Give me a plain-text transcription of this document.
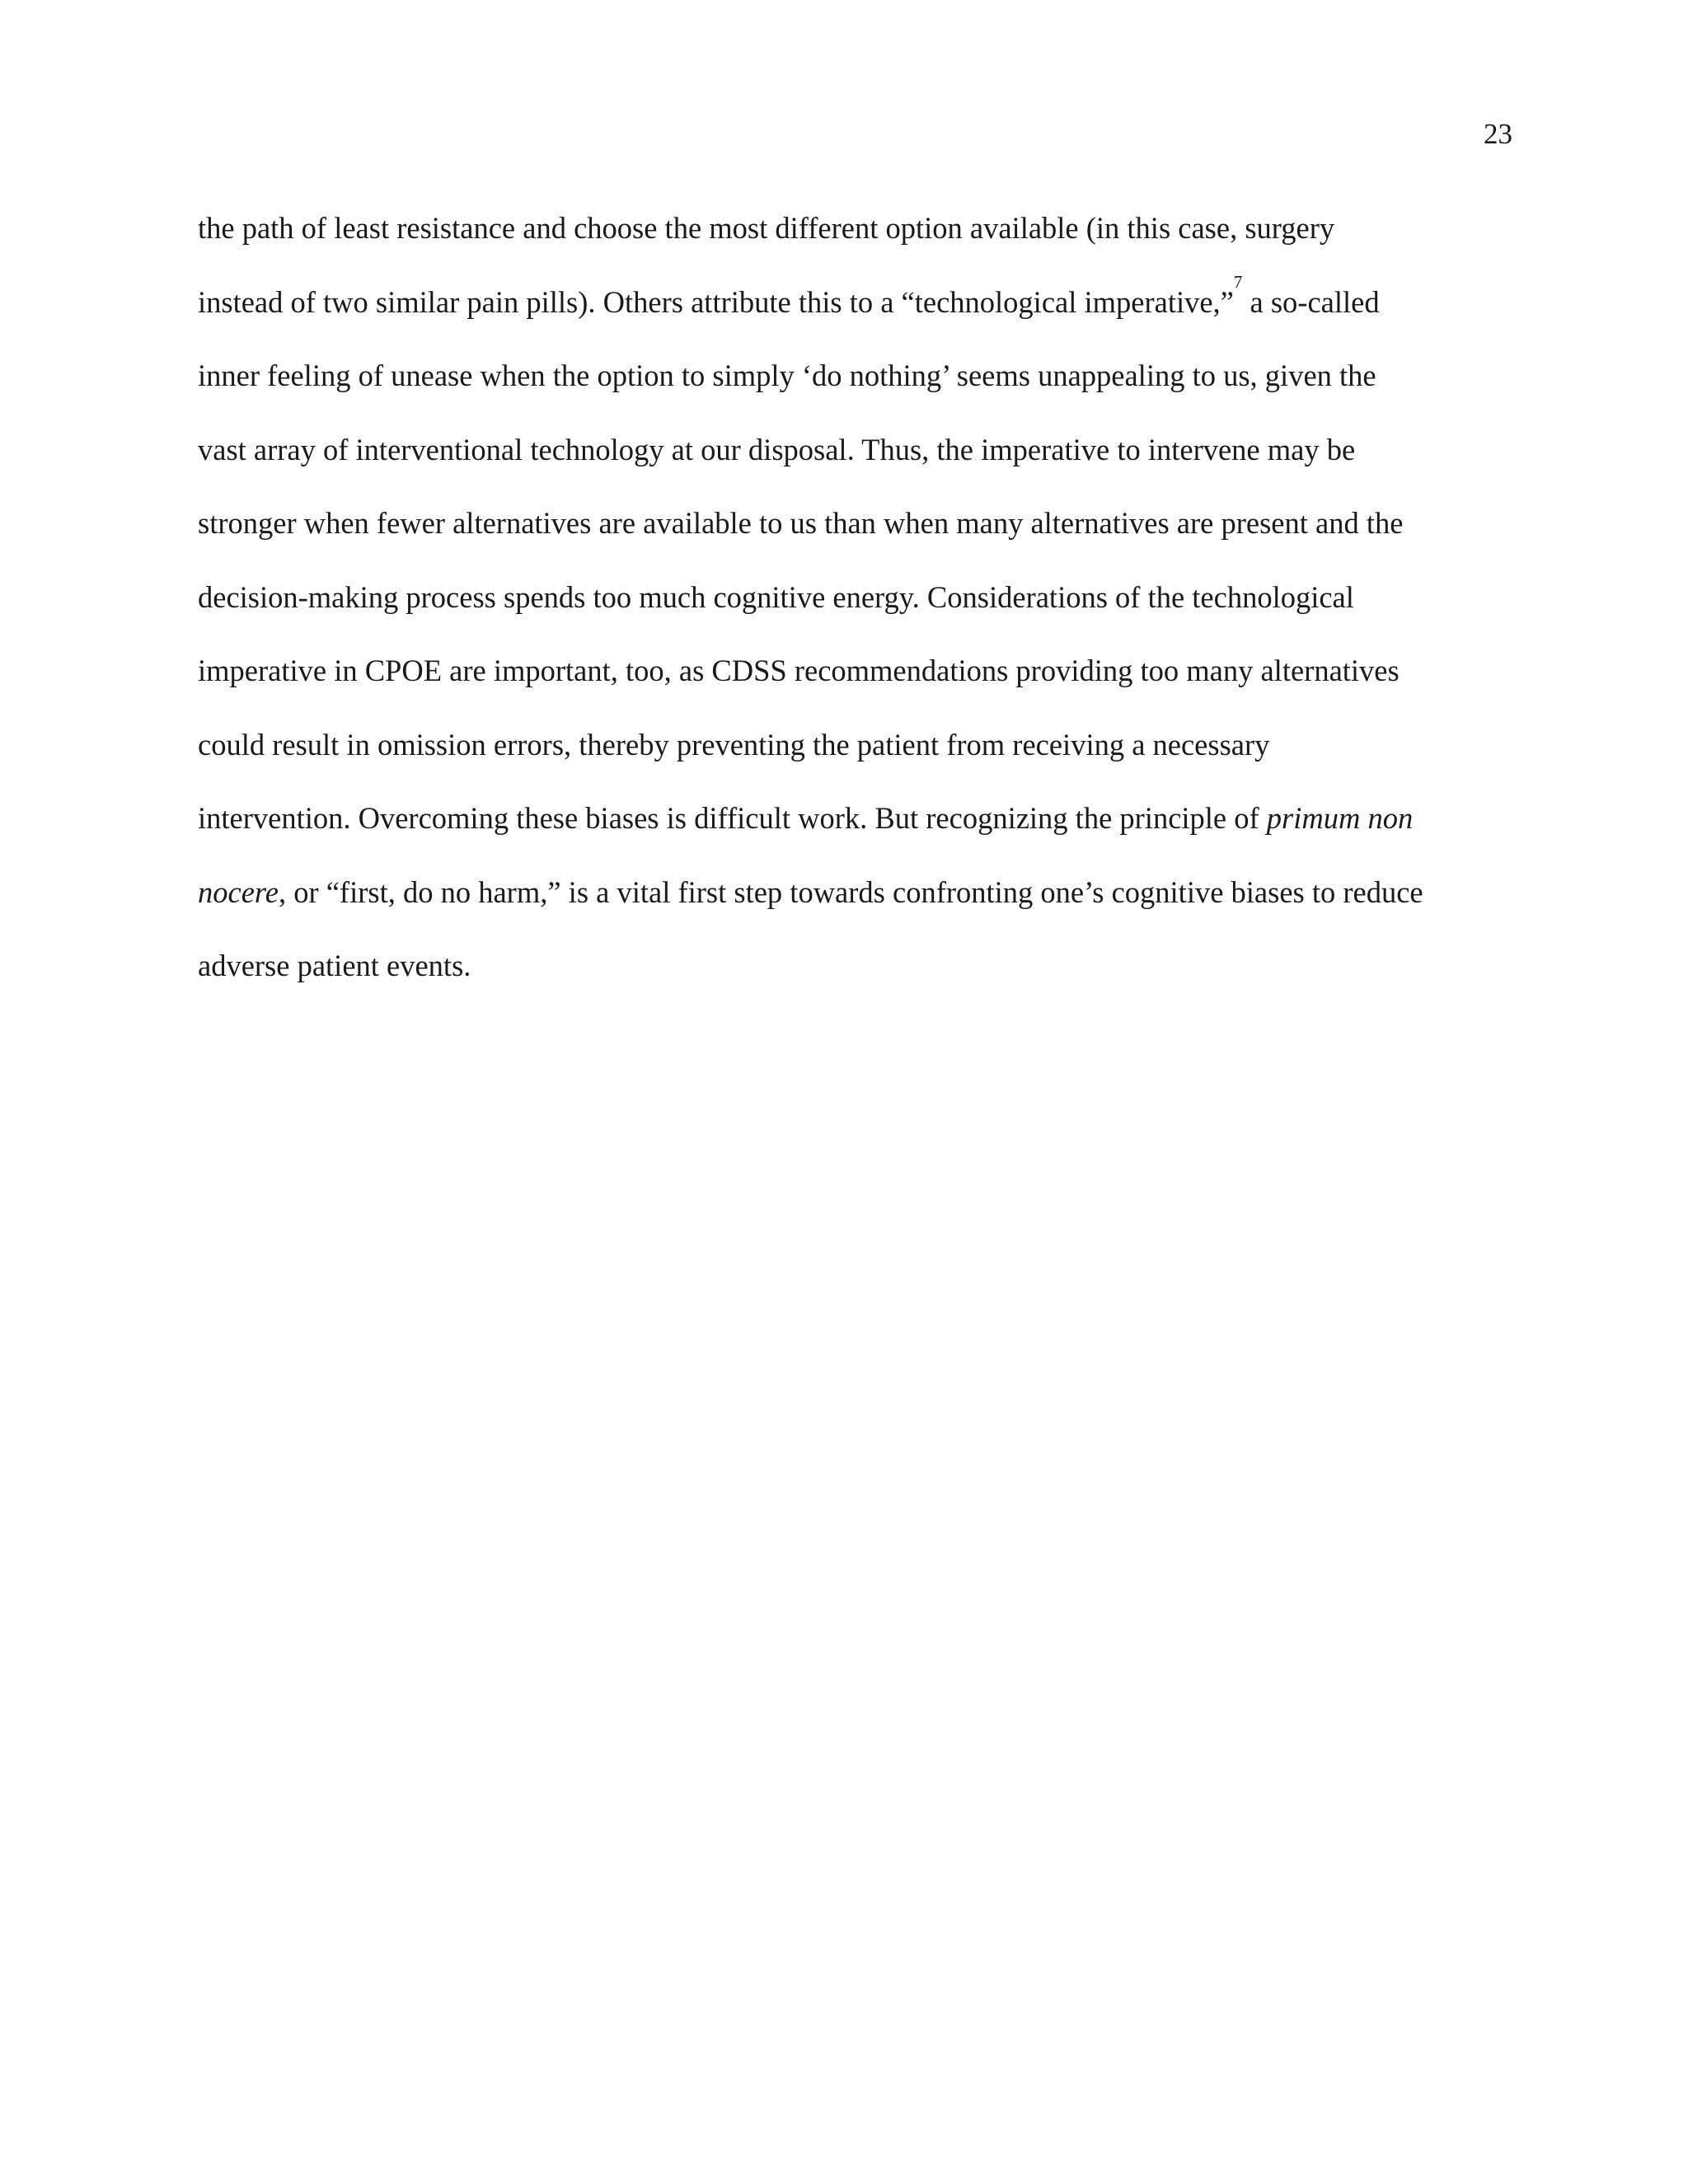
23
the path of least resistance and choose the most different option available (in this case, surgery
instead of two similar pain pills). Others attribute this to a “technological imperative,”$^7$ a so-called
inner feeling of unease when the option to simply ‘do nothing’ seems unappealing to us, given the
vast array of interventional technology at our disposal. Thus, the imperative to intervene may be
stronger when fewer alternatives are available to us than when many alternatives are present and the
decision-making process spends too much cognitive energy. Considerations of the technological
imperative in CPOE are important, too, as CDSS recommendations providing too many alternatives
could result in omission errors, thereby preventing the patient from receiving a necessary
intervention. Overcoming these biases is difficult work. But recognizing the principle of primum non
nocere, or “first, do no harm,” is a vital first step towards confronting one’s cognitive biases to reduce
adverse patient events.
